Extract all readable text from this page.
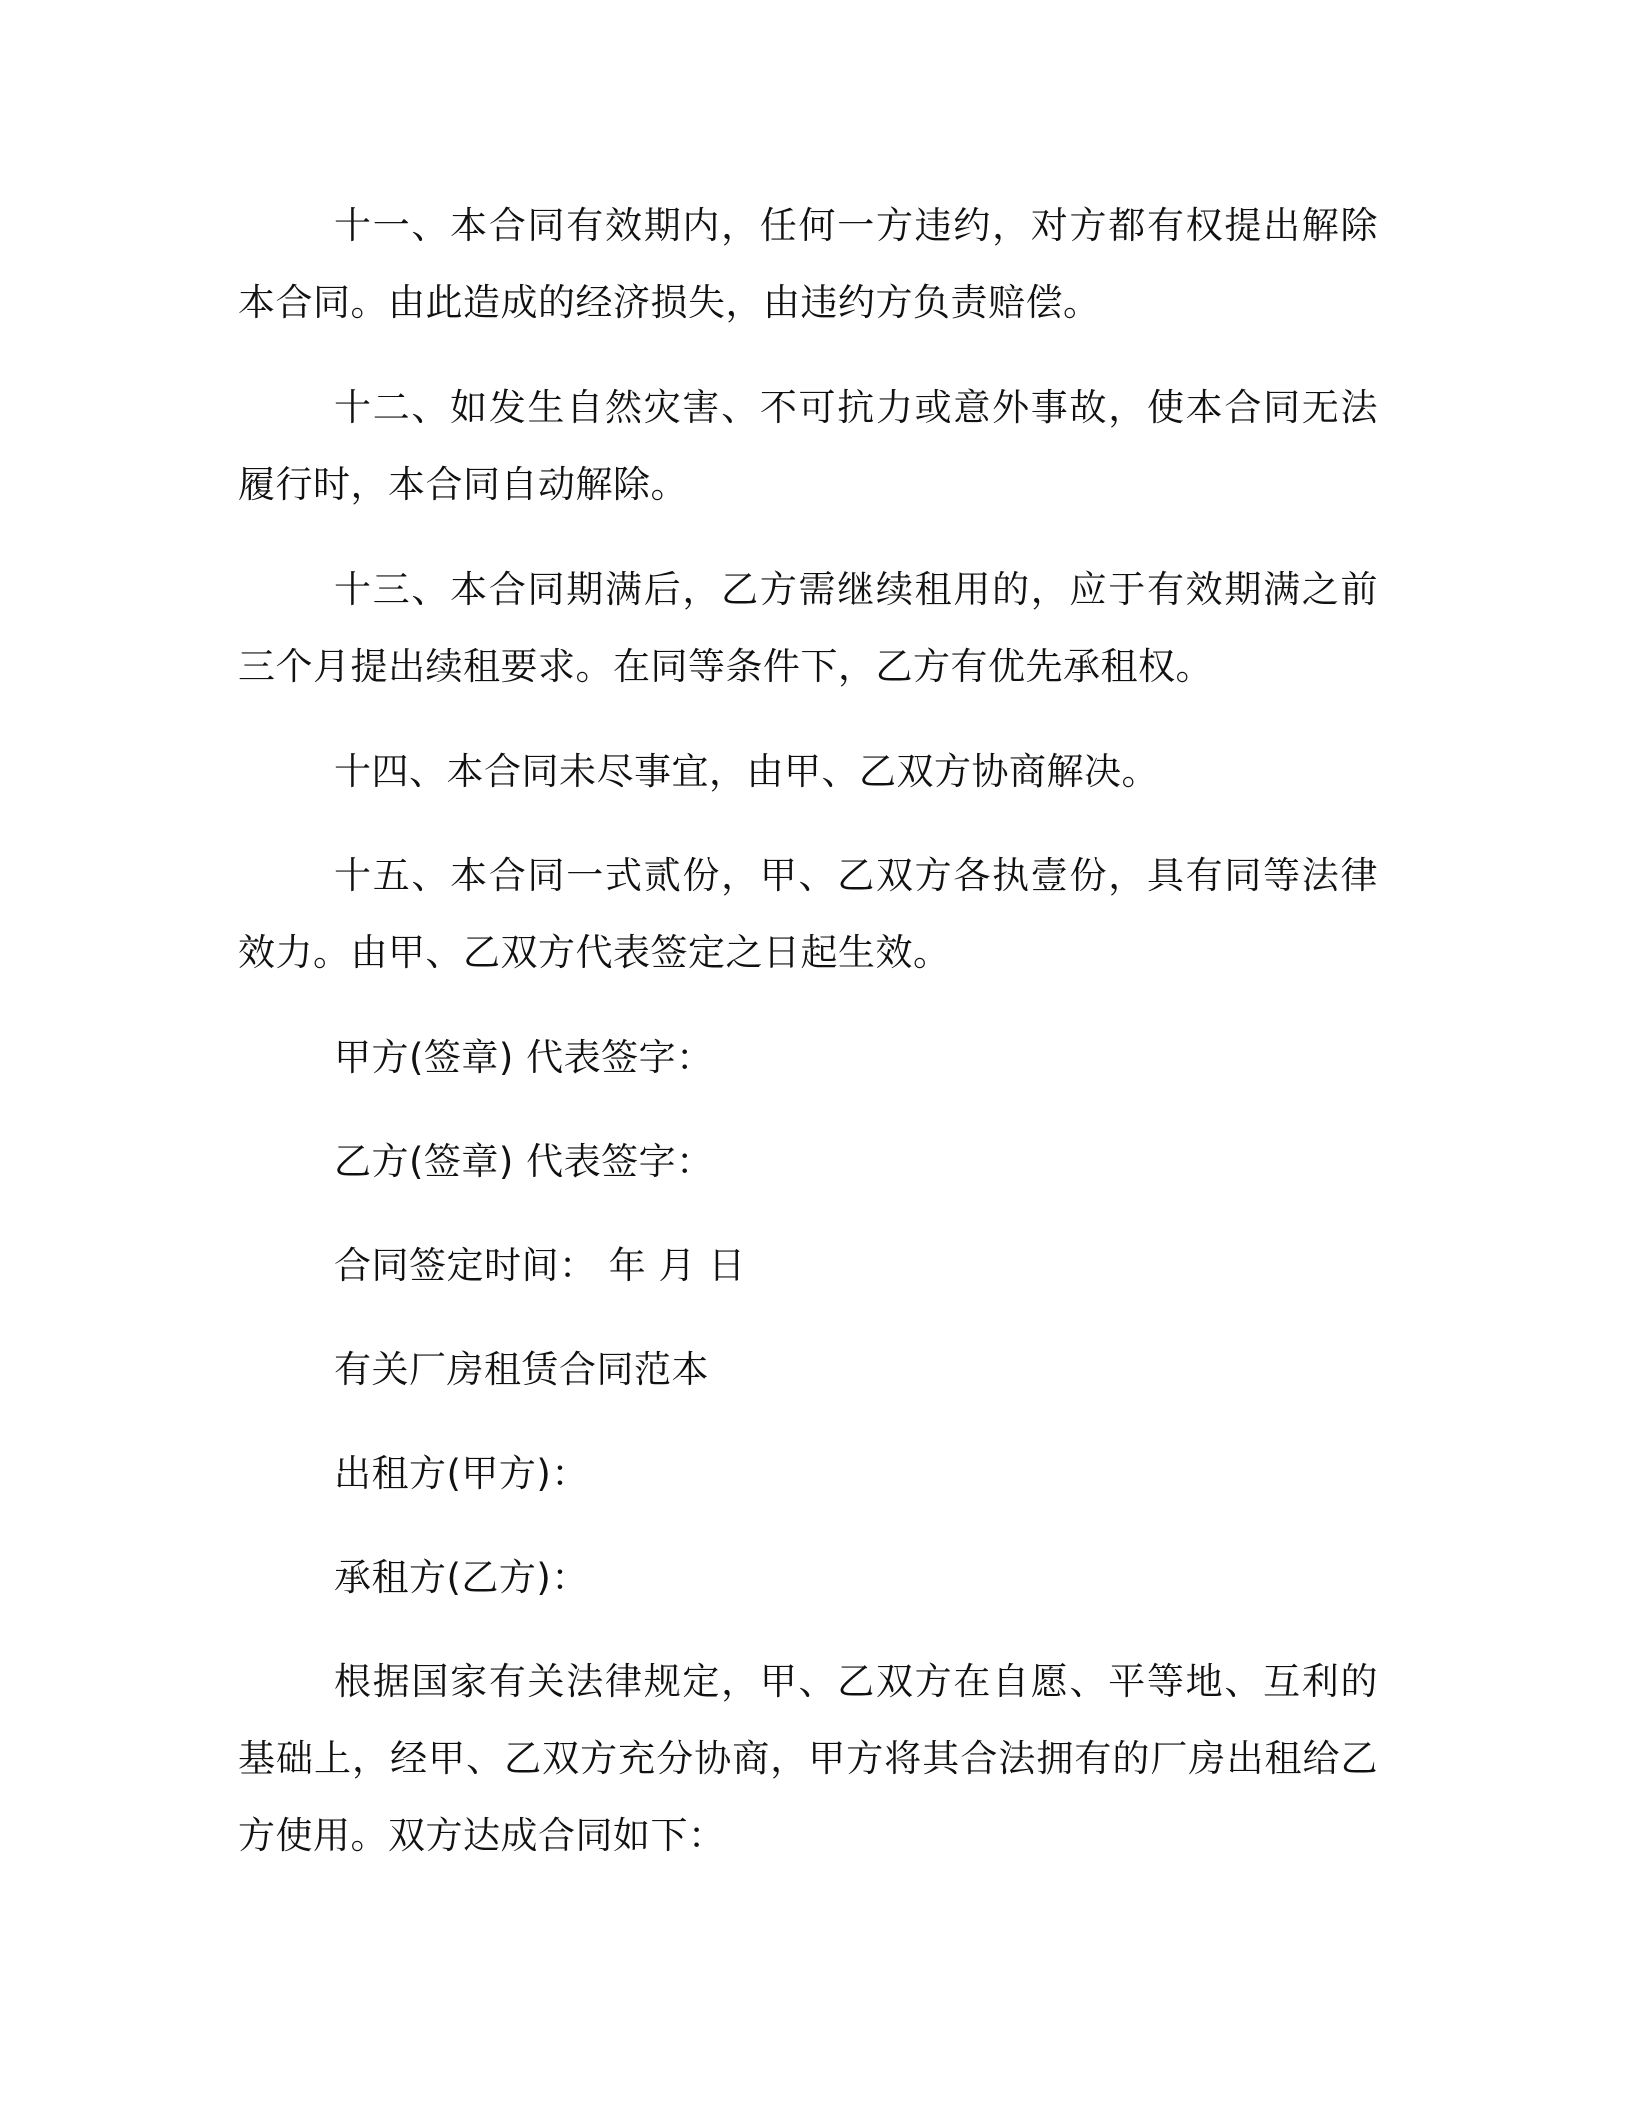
十一、本合同有效期内，任何一方违约，对方都有权提出解除本合同。由此造成的经济损失，由违约方负责赔偿。

十二、如发生自然灾害、不可抗力或意外事故，使本合同无法履行时，本合同自动解除。

十三、本合同期满后，乙方需继续租用的，应于有效期满之前三个月提出续租要求。在同等条件下，乙方有优先承租权。

十四、本合同未尽事宜，由甲、乙双方协商解决。

十五、本合同一式贰份，甲、乙双方各执壹份，具有同等法律效力。由甲、乙双方代表签定之日起生效。

甲方(签章) 代表签字：

乙方(签章) 代表签字：

合同签定时间： 年 月 日

有关厂房租赁合同范本

出租方(甲方)：

承租方(乙方)：

根据国家有关法律规定，甲、乙双方在自愿、平等地、互利的基础上，经甲、乙双方充分协商，甲方将其合法拥有的厂房出租给乙方使用。双方达成合同如下：
